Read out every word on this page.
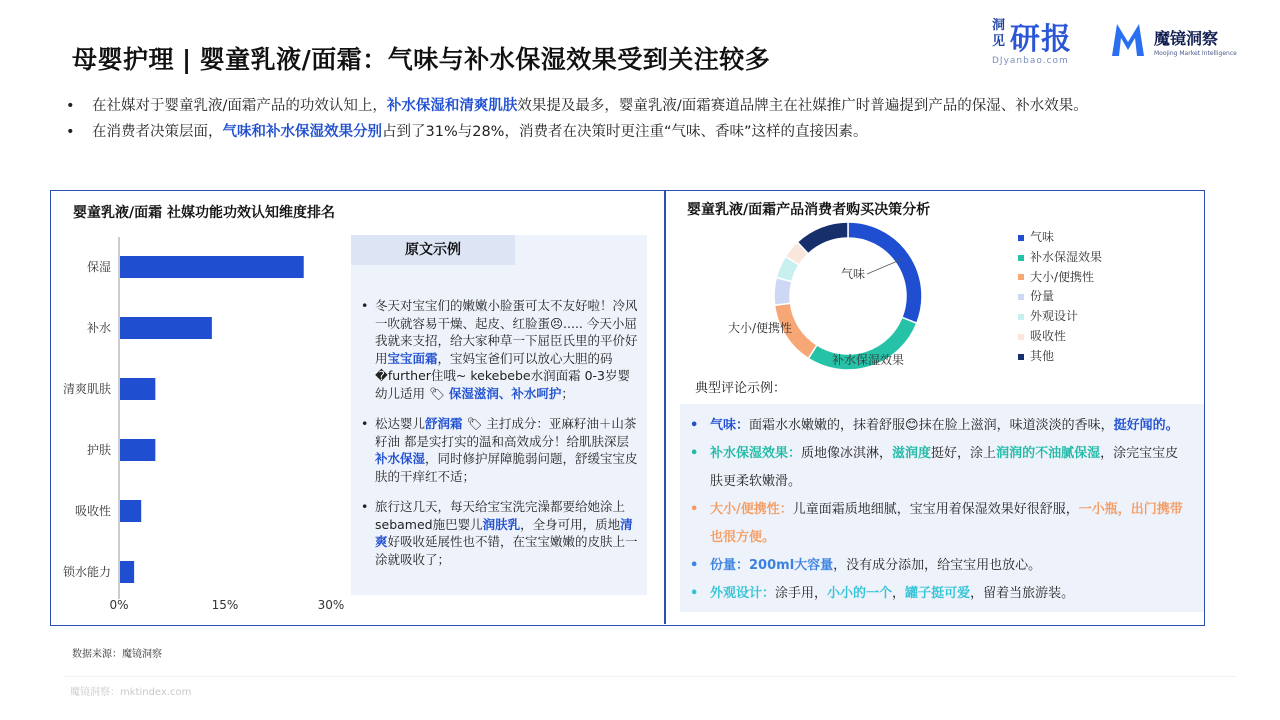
母婴护理 | 婴童乳液/面霜：气味与补水保湿效果受到关注较多
洞见 研报
DJyanbao.com
魔镜洞察
Moojing Market Intelligence
• 在社媒对于婴童乳液/面霜产品的功效认知上，补水保湿和清爽肌肤效果提及最多，婴童乳液/面霜赛道品牌主在社媒推广时普遍提到产品的保湿、补水效果。
• 在消费者决策层面，气味和补水保湿效果分别占到了31%与28%，消费者在决策时更注重“气味、香味”这样的直接因素。
婴童乳液/面霜 社媒功能功效认知维度排名
保湿
补水
清爽肌肤
护肤
吸收性
锁水能力
0%	15%	30%
原文示例
• 冬天对宝宝们的嫩嫩小脸蛋可太不友好啦！冷风一吹就容易干燥、起皮、红脸蛋😣..... 今天小屈我就来支招，给大家种草一下屈臣氏里的平价好用宝宝面霜，宝妈宝爸们可以放心大胆的码�further住哦~ kekebebe水润面霜 0-3岁婴幼儿适用 🏷 保湿滋润、补水呵护；
• 松达婴儿舒润霜 🏷 主打成分：亚麻籽油＋山茶籽油 都是实打实的温和高效成分！给肌肤深层补水保湿，同时修护屏障脆弱问题，舒缓宝宝皮肤的干痒红不适；
• 旅行这几天，每天给宝宝洗完澡都要给她涂上sebamed施巴婴儿润肤乳，全身可用，质地清爽好吸收延展性也不错，在宝宝嫩嫩的皮肤上一涂就吸收了；
婴童乳液/面霜产品消费者购买决策分析
气味
补水保湿效果
大小/便携性
气味
补水保湿效果
大小/便携性
份量
外观设计
吸收性
其他
典型评论示例：
• 气味：面霜水水嫩嫩的，抹着舒服😊抹在脸上滋润，味道淡淡的香味，挺好闻的。
• 补水保湿效果：质地像冰淇淋，滋润度挺好，涂上润润的不油腻保湿，涂完宝宝皮肤更柔软嫩滑。
• 大小/便携性：儿童面霜质地细腻，宝宝用着保湿效果好很舒服，一小瓶，出门携带也很方便。
• 份量：200ml大容量，没有成分添加，给宝宝用也放心。
• 外观设计：涂手用，小小的一个，罐子挺可爱，留着当旅游装。
数据来源：魔镜洞察
魔镜洞察：mktindex.com
